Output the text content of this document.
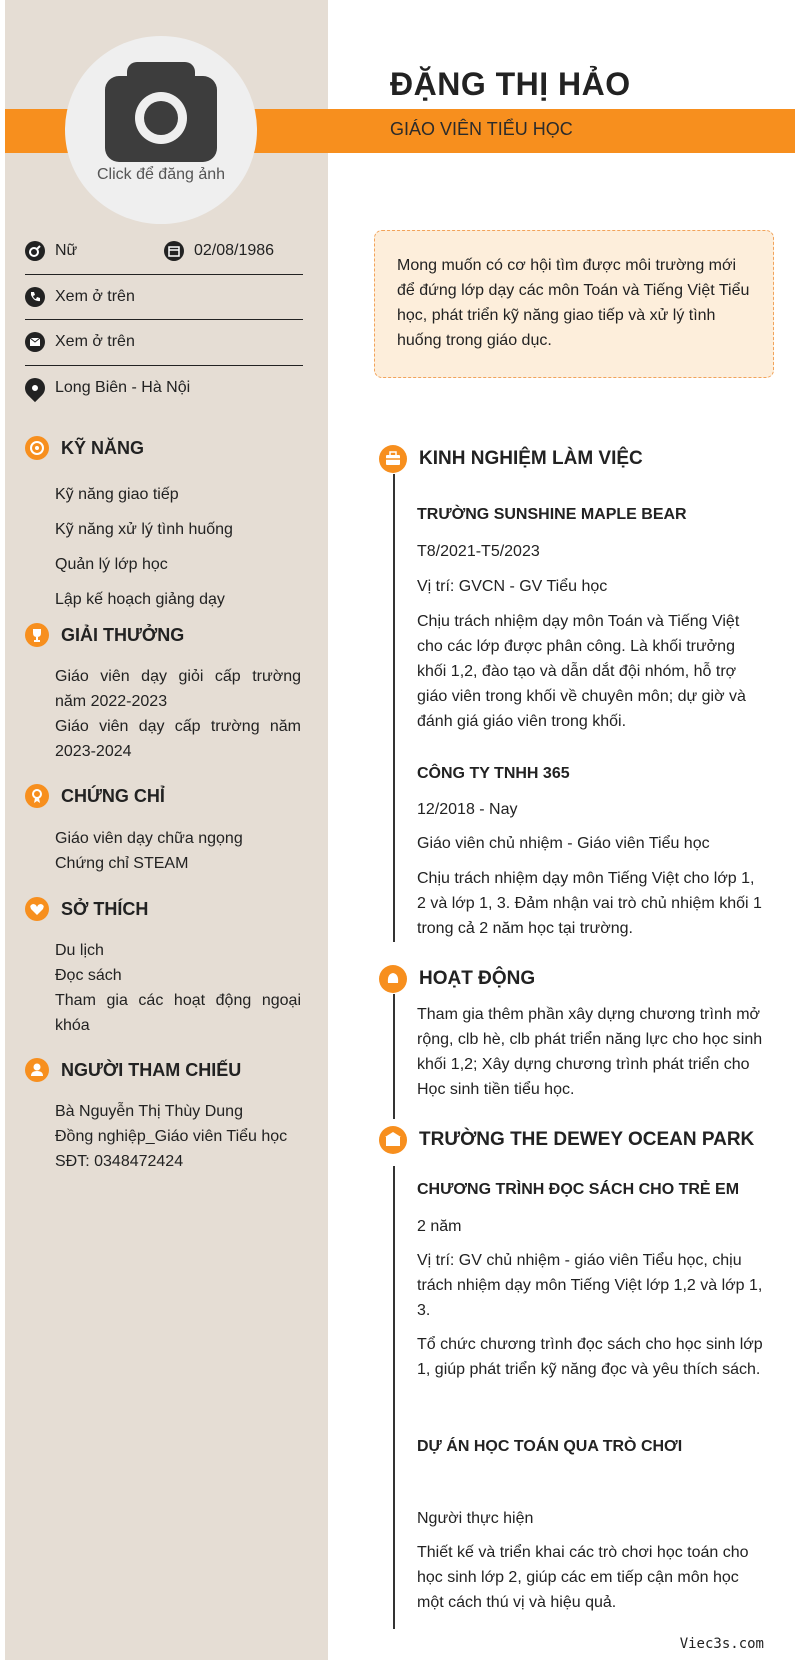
Click để đăng ảnh
ĐẶNG THỊ HẢO
GIÁO VIÊN TIỂU HỌC
Nữ	02/08/1986
Xem ở trên
Xem ở trên
Long Biên - Hà Nội
KỸ NĂNG
Kỹ năng giao tiếp
Kỹ năng xử lý tình huống
Quản lý lớp học
Lập kế hoạch giảng dạy
GIẢI THƯỞNG
Giáo viên dạy giỏi cấp trường năm 2022-2023
Giáo viên dạy cấp trường năm 2023-2024
CHỨNG CHỈ
Giáo viên dạy chữa ngọng
Chứng chỉ STEAM
SỞ THÍCH
Du lịch
Đọc sách
Tham gia các hoạt động ngoại khóa
NGƯỜI THAM CHIẾU
Bà Nguyễn Thị Thùy Dung
Đồng nghiệp_Giáo viên Tiểu học
SĐT: 0348472424
Mong muốn có cơ hội tìm được môi trường mới để đứng lớp dạy các môn Toán và Tiếng Việt Tiểu học, phát triển kỹ năng giao tiếp và xử lý tình huống trong giáo dục.
KINH NGHIỆM LÀM VIỆC
TRƯỜNG SUNSHINE MAPLE BEAR
T8/2021-T5/2023
Vị trí: GVCN - GV Tiểu học
Chịu trách nhiệm dạy môn Toán và Tiếng Việt cho các lớp được phân công. Là khối trưởng khối 1,2, đào tạo và dẫn dắt đội nhóm, hỗ trợ giáo viên trong khối về chuyên môn; dự giờ và đánh giá giáo viên trong khối.
CÔNG TY TNHH 365
12/2018 - Nay
Giáo viên chủ nhiệm - Giáo viên Tiểu học
Chịu trách nhiệm dạy môn Tiếng Việt cho lớp 1, 2 và lớp 1, 3. Đảm nhận vai trò chủ nhiệm khối 1 trong cả 2 năm học tại trường.
HOẠT ĐỘNG
Tham gia thêm phần xây dựng chương trình mở rộng, clb hè, clb phát triển năng lực cho học sinh khối 1,2; Xây dựng chương trình phát triển cho Học sinh tiền tiểu học.
TRƯỜNG THE DEWEY OCEAN PARK
CHƯƠNG TRÌNH ĐỌC SÁCH CHO TRẺ EM
2 năm
Vị trí: GV chủ nhiệm - giáo viên Tiểu học, chịu trách nhiệm dạy môn Tiếng Việt lớp 1,2 và lớp 1, 3.
Tổ chức chương trình đọc sách cho học sinh lớp 1, giúp phát triển kỹ năng đọc và yêu thích sách.
DỰ ÁN HỌC TOÁN QUA TRÒ CHƠI
Người thực hiện
Thiết kế và triển khai các trò chơi học toán cho học sinh lớp 2, giúp các em tiếp cận môn học một cách thú vị và hiệu quả.
Viec3s.com
